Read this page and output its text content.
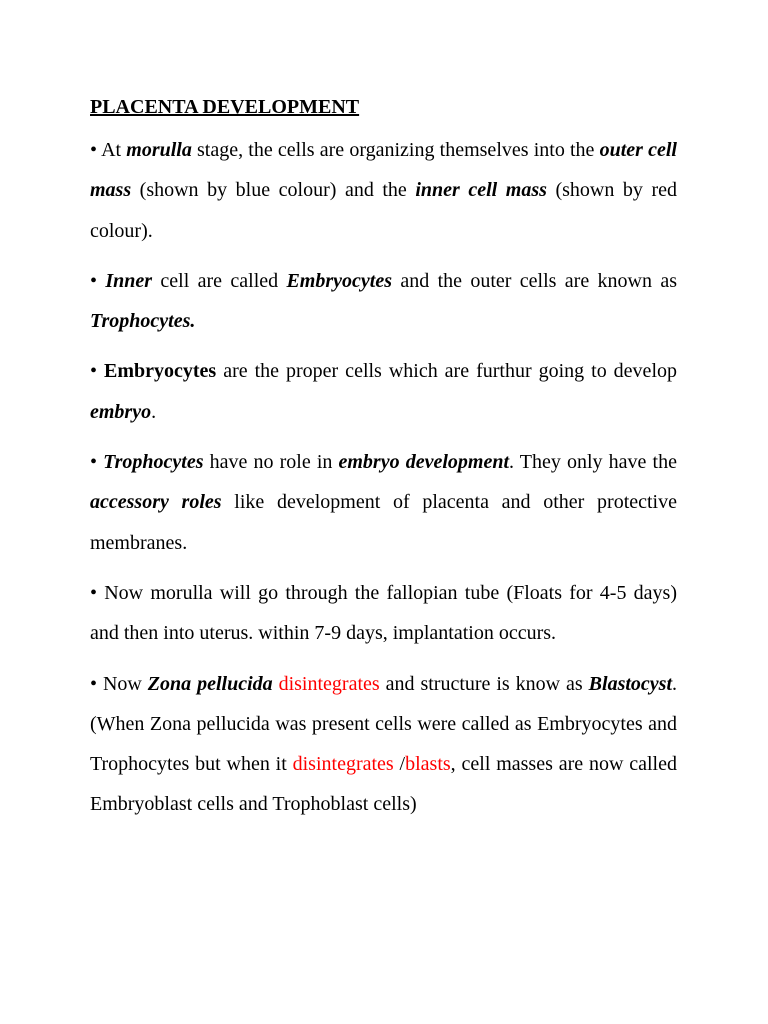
PLACENTA DEVELOPMENT

• At morulla stage, the cells are organizing themselves into the outer cell mass (shown by blue colour) and the inner cell mass (shown by red colour).

• Inner cell are called Embryocytes and the outer cells are known as Trophocytes.

• Embryocytes are the proper cells which are furthur going to develop embryo.

• Trophocytes have no role in embryo development. They only have the accessory roles like development of placenta and other protective membranes.

• Now morulla will go through the fallopian tube (Floats for 4-5 days) and then into uterus. within 7-9 days, implantation occurs.

• Now Zona pellucida disintegrates and structure is know as Blastocyst. (When Zona pellucida was present cells were called as Embryocytes and Trophocytes but when it disintegrates /blasts, cell masses are now called Embryoblast cells and Trophoblast cells)
